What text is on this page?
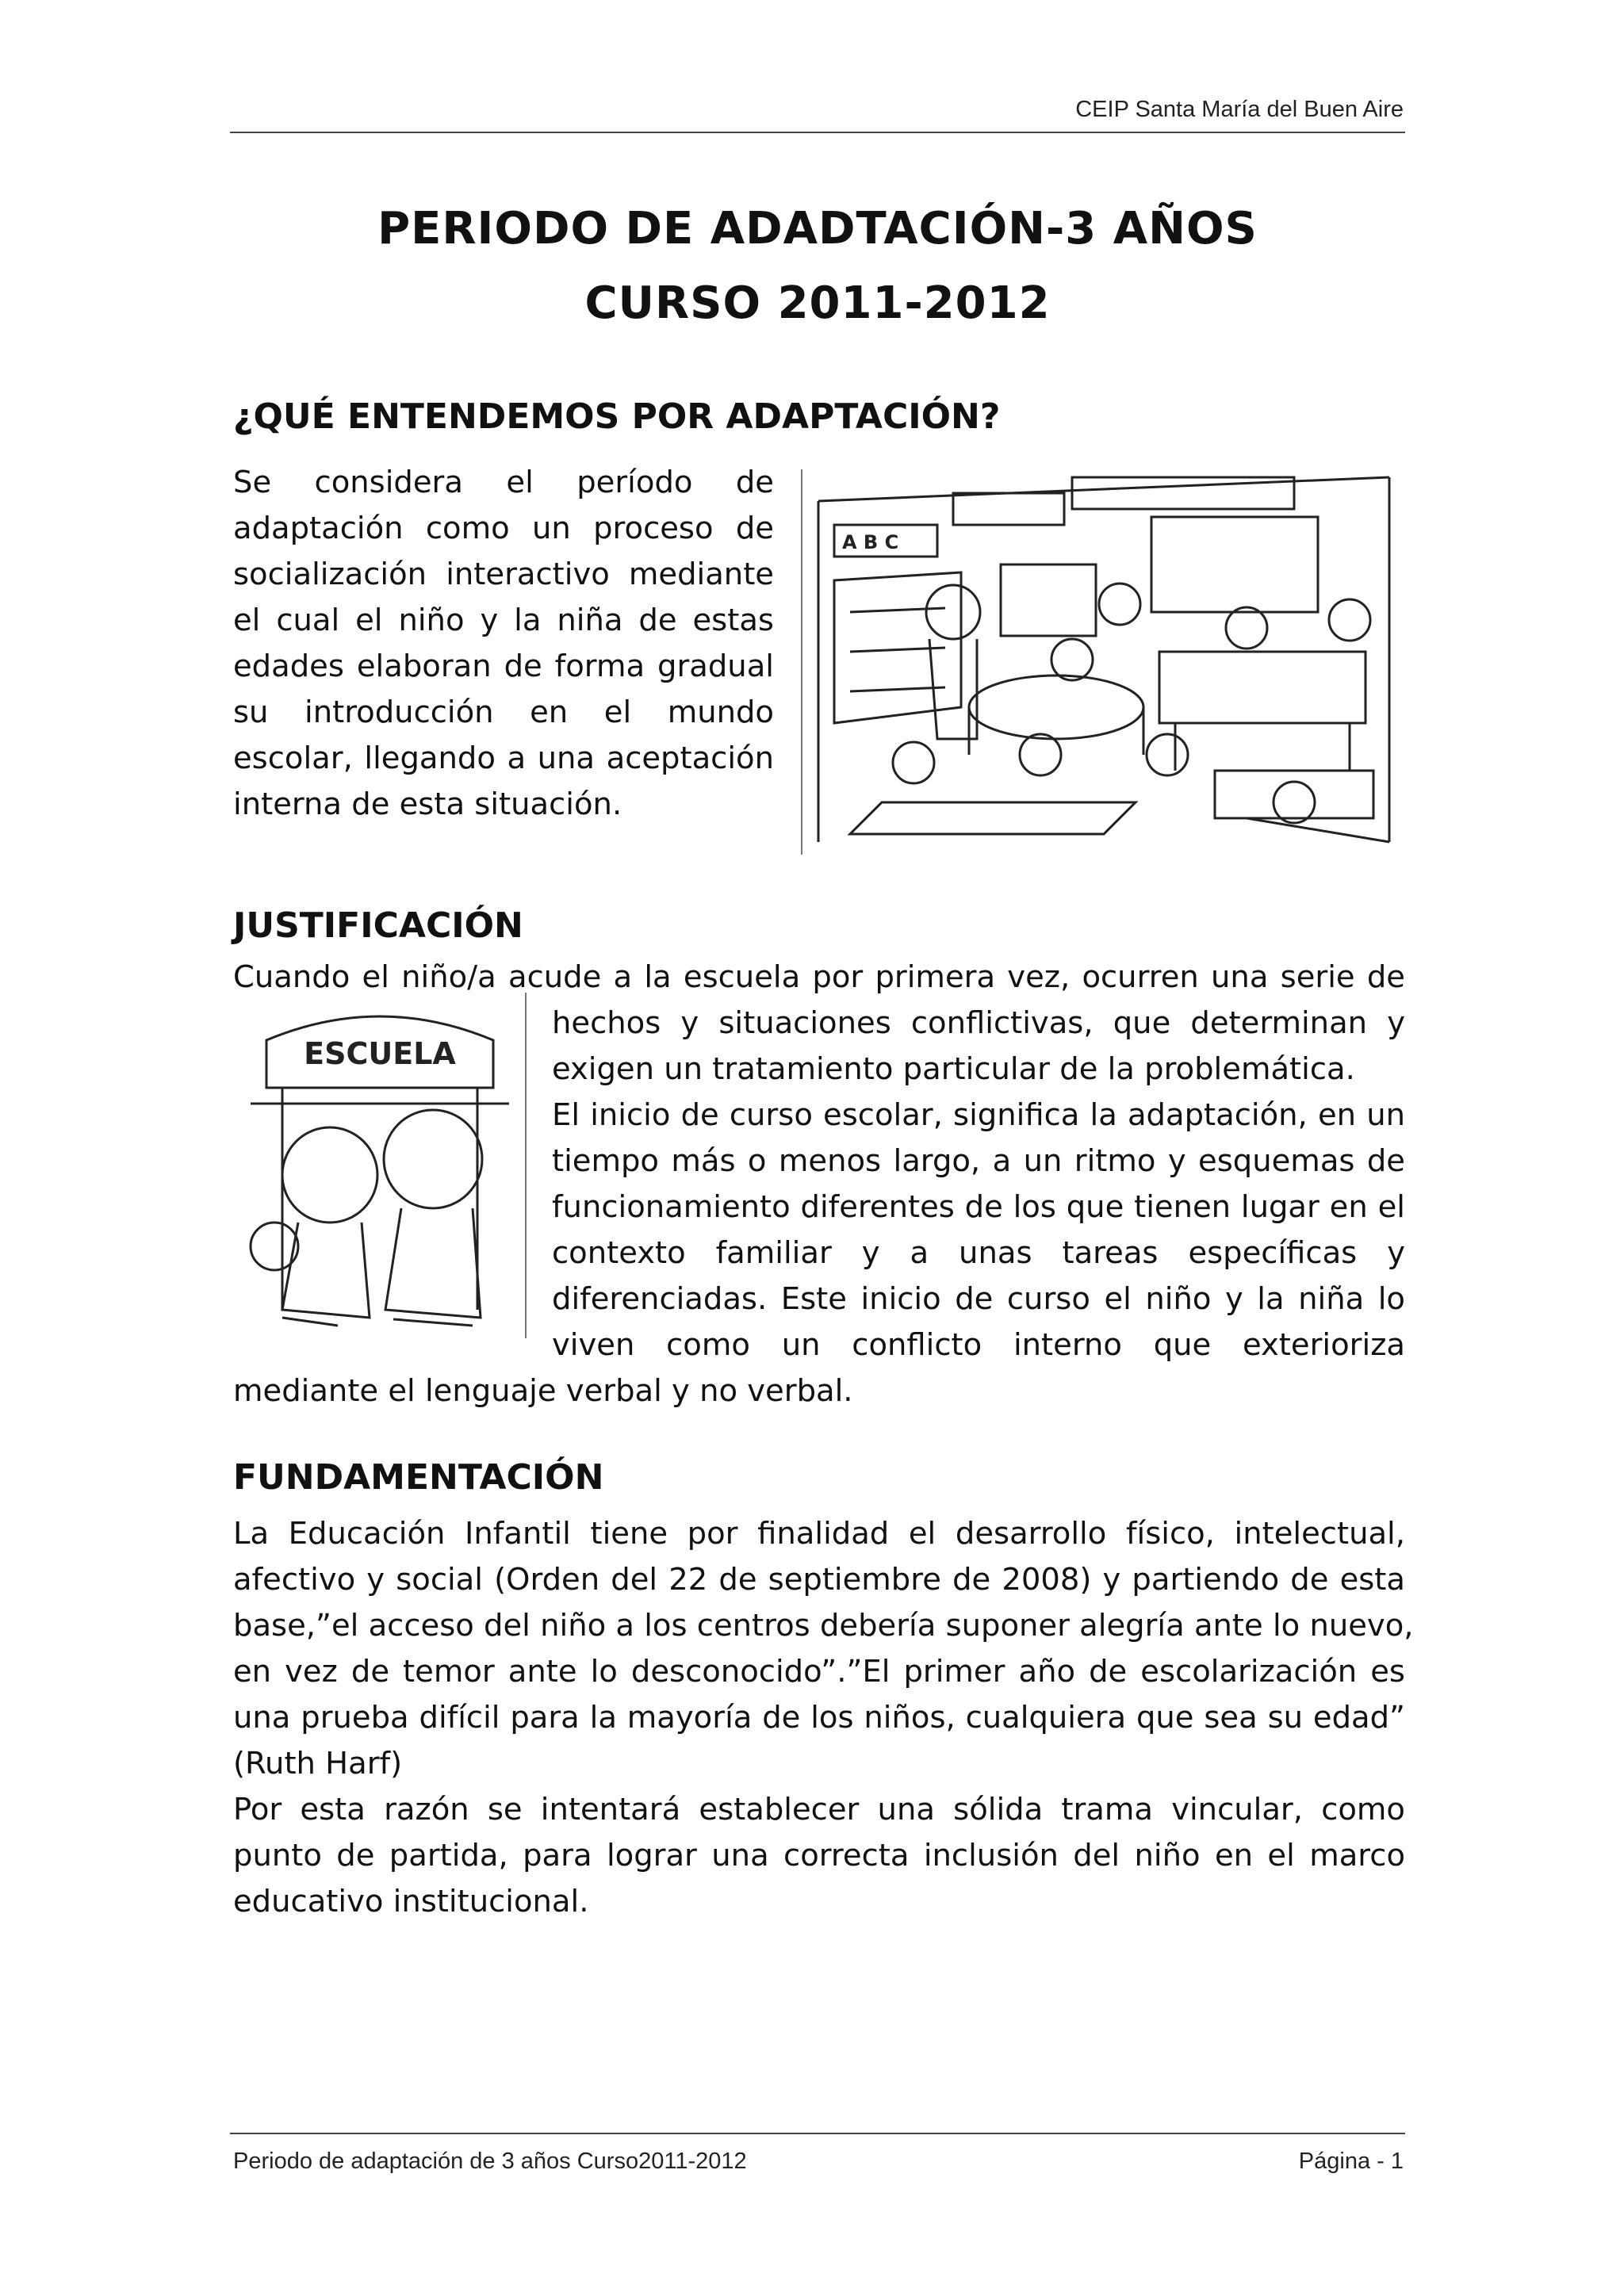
CEIP Santa María del Buen Aire
PERIODO DE ADADTACIÓN-3 AÑOS
CURSO 2011-2012
¿QUÉ ENTENDEMOS POR ADAPTACIÓN?
Se considera el período de
adaptación como un proceso de
socialización interactivo mediante
el cual el niño y la niña de estas
edades elaboran de forma gradual
su introducción en el mundo
escolar, llegando a una aceptación
interna de esta situación.
A B C
JUSTIFICACIÓN
ESCUELA
Cuando el niño/a acude a la escuela por primera vez, ocurren una serie de
hechos y situaciones conflictivas, que determinan y
exigen un tratamiento particular de la problemática.
El inicio de curso escolar, significa la adaptación, en un
tiempo más o menos largo, a un ritmo y esquemas de
funcionamiento diferentes de los que tienen lugar en el
contexto familiar y a unas tareas específicas y
diferenciadas. Este inicio de curso el niño y la niña lo
viven como un conflicto interno que exterioriza
mediante el lenguaje verbal y no verbal.
FUNDAMENTACIÓN
La Educación Infantil tiene por finalidad el desarrollo físico, intelectual,
afectivo y social (Orden del 22 de septiembre de 2008) y partiendo de esta
base,”el acceso del niño a los centros debería suponer alegría ante lo nuevo,
en vez de temor ante lo desconocido”.”El primer año de escolarización es
una prueba difícil para la mayoría de los niños, cualquiera que sea su edad”
(Ruth Harf)
Por esta razón se intentará establecer una sólida trama vincular, como
punto de partida, para lograr una correcta inclusión del niño en el marco
educativo institucional.
Periodo de adaptación de 3 años Curso2011-2012	Página - 1
